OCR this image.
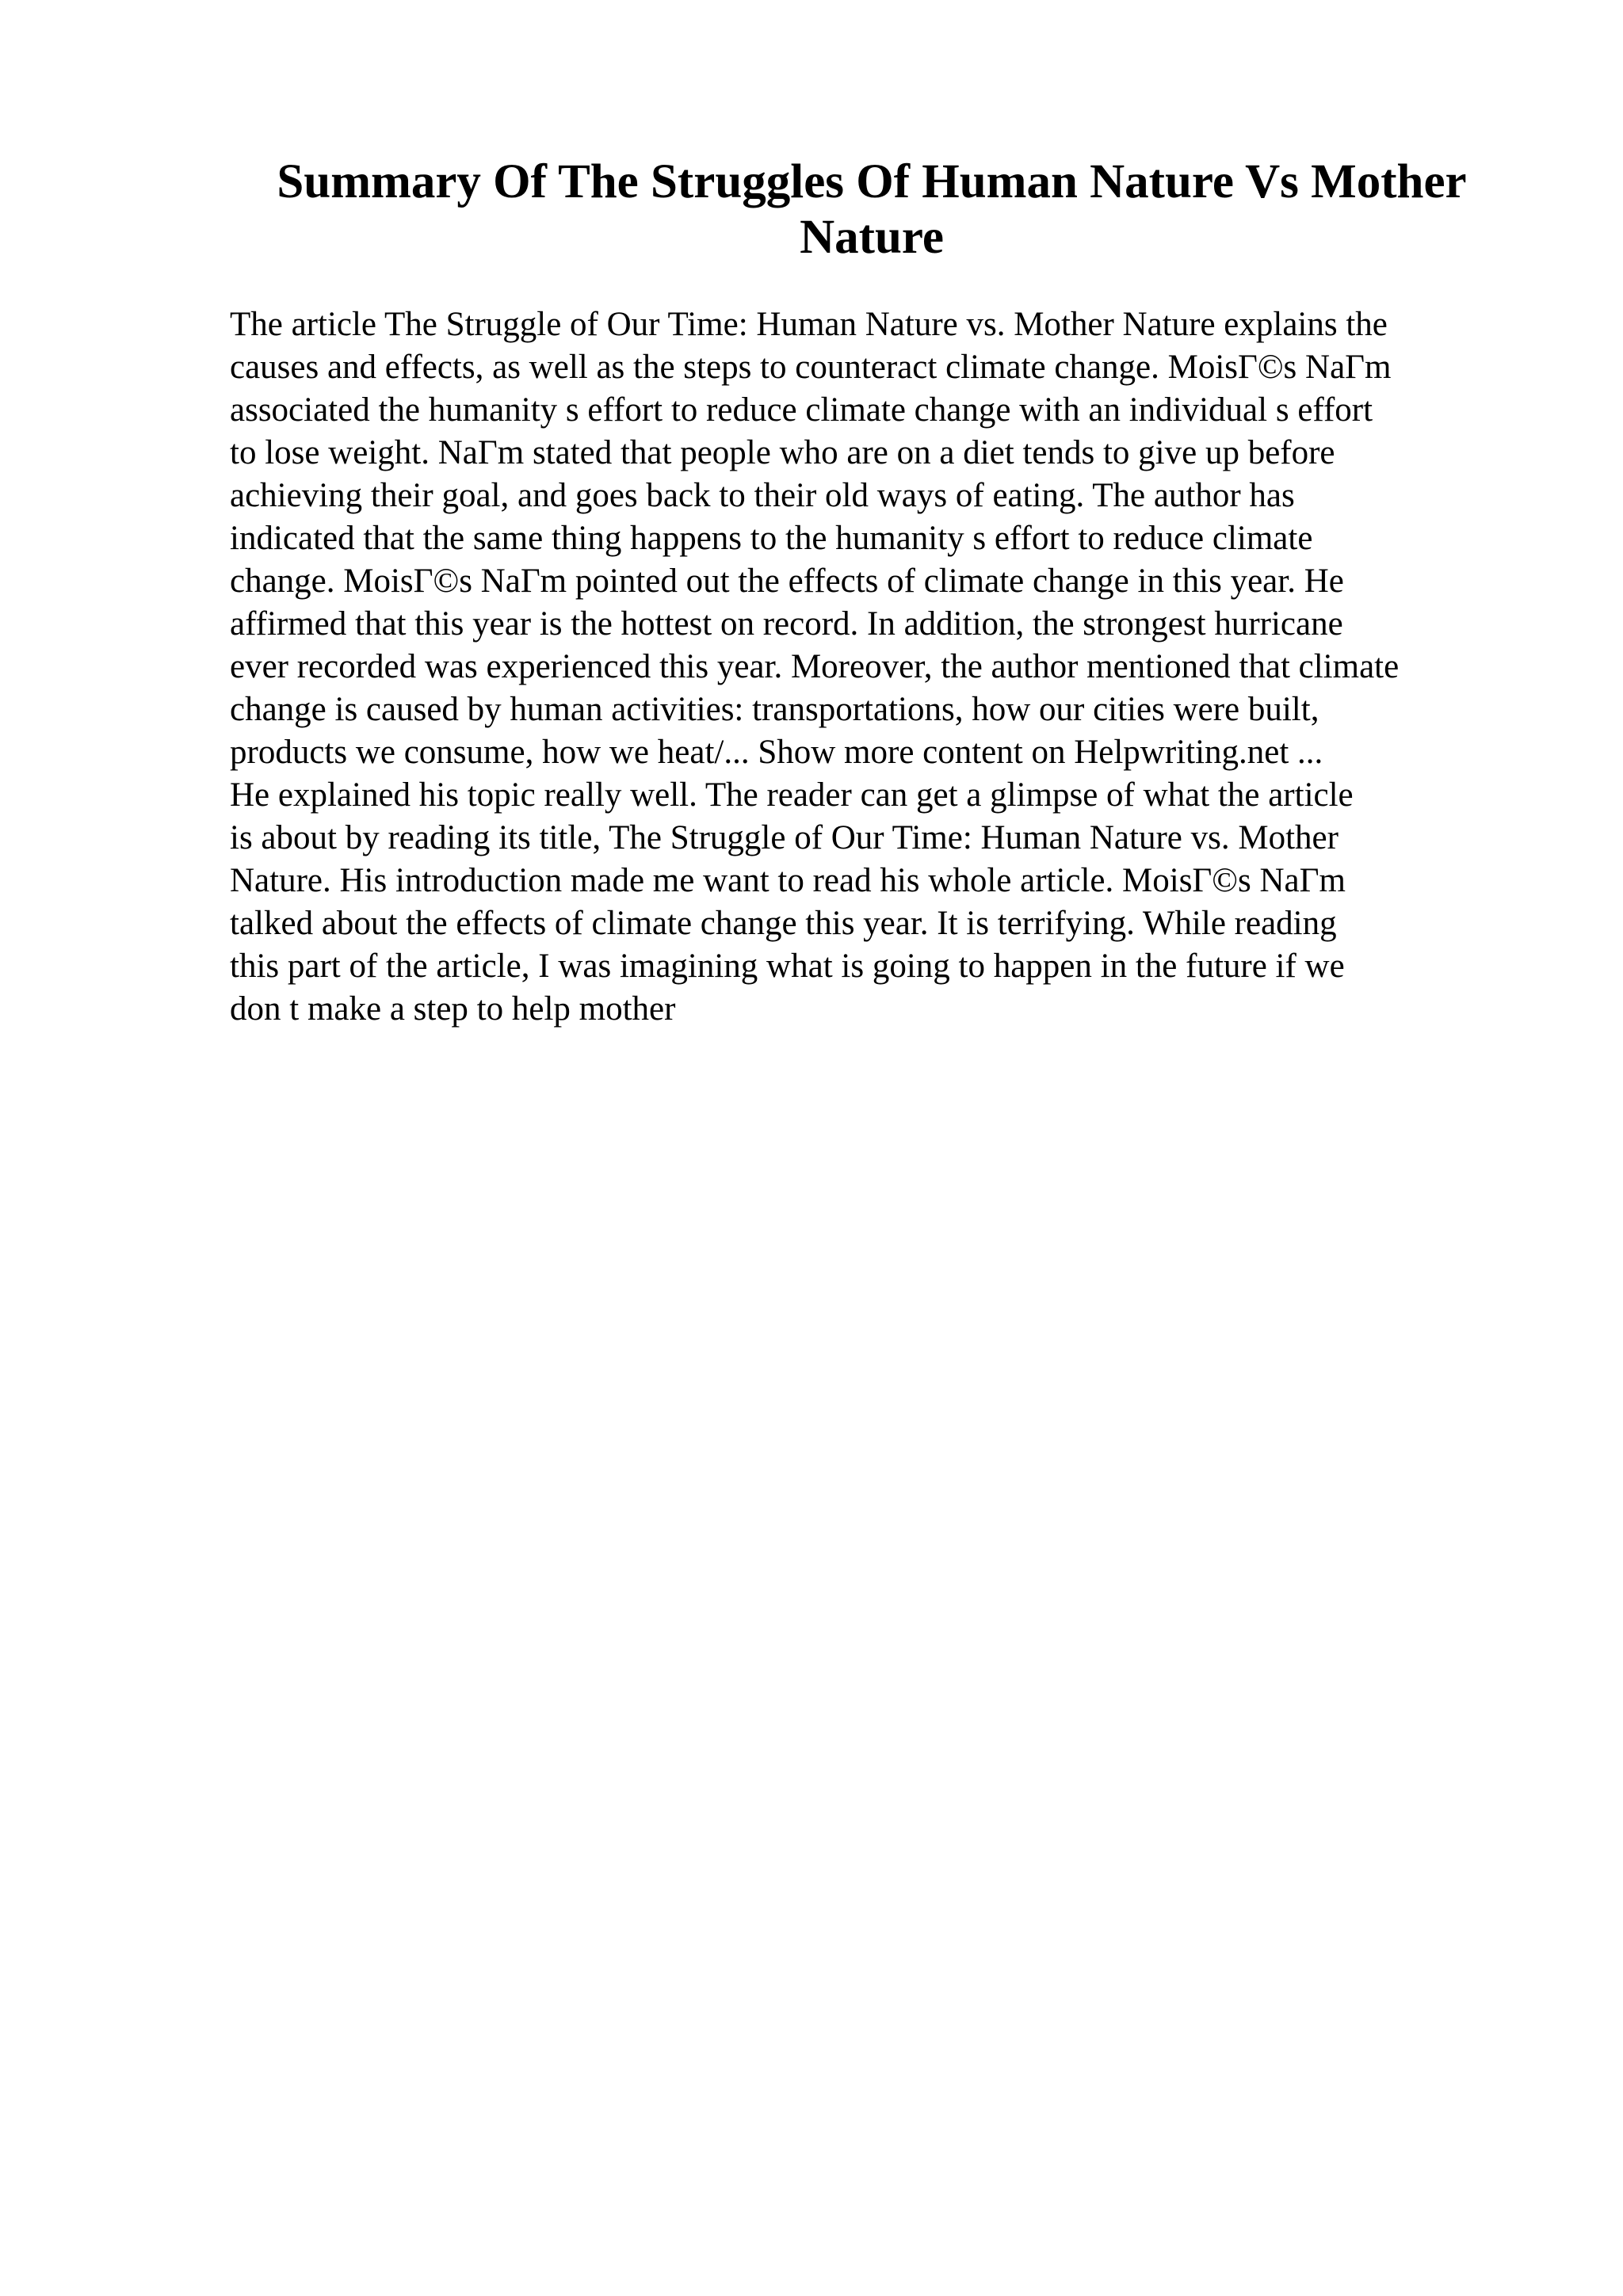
Summary Of The Struggles Of Human Nature Vs Mother
Nature
The article The Struggle of Our Time: Human Nature vs. Mother Nature explains the
causes and effects, as well as the steps to counteract climate change. MoisΓ©s NaΓm
associated the humanity s effort to reduce climate change with an individual s effort
to lose weight. NaΓm stated that people who are on a diet tends to give up before
achieving their goal, and goes back to their old ways of eating. The author has
indicated that the same thing happens to the humanity s effort to reduce climate
change. MoisΓ©s NaΓm pointed out the effects of climate change in this year. He
affirmed that this year is the hottest on record. In addition, the strongest hurricane
ever recorded was experienced this year. Moreover, the author mentioned that climate
change is caused by human activities: transportations, how our cities were built,
products we consume, how we heat/... Show more content on Helpwriting.net ...
He explained his topic really well. The reader can get a glimpse of what the article
is about by reading its title, The Struggle of Our Time: Human Nature vs. Mother
Nature. His introduction made me want to read his whole article. MoisΓ©s NaΓm
talked about the effects of climate change this year. It is terrifying. While reading
this part of the article, I was imagining what is going to happen in the future if we
don t make a step to help mother
